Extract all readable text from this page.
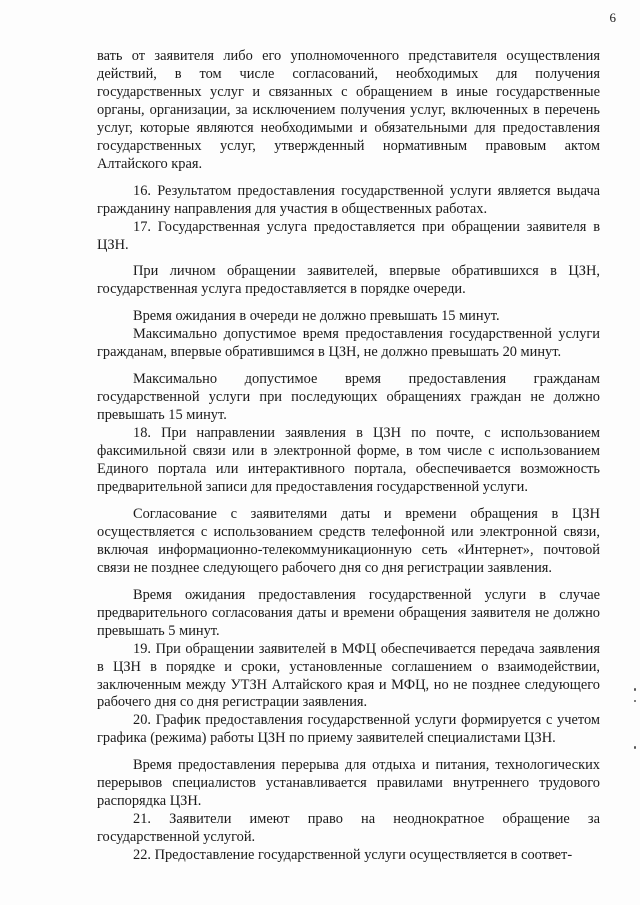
6

вать от заявителя либо его уполномоченного представителя осуществления действий, в том числе согласований, необходимых для получения государственных услуг и связанных с обращением в иные государственные органы, организации, за исключением получения услуг, включенных в перечень услуг, которые являются необходимыми и обязательными для предоставления государственных услуг, утвержденный нормативным правовым актом Алтайского края.

16. Результатом предоставления государственной услуги является выдача гражданину направления для участия в общественных работах.

17. Государственная услуга предоставляется при обращении заявителя в ЦЗН.

При личном обращении заявителей, впервые обратившихся в ЦЗН, государственная услуга предоставляется в порядке очереди.

Время ожидания в очереди не должно превышать 15 минут.

Максимально допустимое время предоставления государственной услуги гражданам, впервые обратившимся в ЦЗН, не должно превышать 20 минут.

Максимально допустимое время предоставления гражданам государственной услуги при последующих обращениях граждан не должно превышать 15 минут.

18. При направлении заявления в ЦЗН по почте, с использованием факсимильной связи или в электронной форме, в том числе с использованием Единого портала или интерактивного портала, обеспечивается возможность предварительной записи для предоставления государственной услуги.

Согласование с заявителями даты и времени обращения в ЦЗН осуществляется с использованием средств телефонной или электронной связи, включая информационно-телекоммуникационную сеть «Интернет», почтовой связи не позднее следующего рабочего дня со дня регистрации заявления.

Время ожидания предоставления государственной услуги в случае предварительного согласования даты и времени обращения заявителя не должно превышать 5 минут.

19. При обращении заявителей в МФЦ обеспечивается передача заявления в ЦЗН в порядке и сроки, установленные соглашением о взаимодействии, заключенным между УТЗН Алтайского края и МФЦ, но не позднее следующего рабочего дня со дня регистрации заявления.

20. График предоставления государственной услуги формируется с учетом графика (режима) работы ЦЗН по приему заявителей специалистами ЦЗН.

Время предоставления перерыва для отдыха и питания, технологических перерывов специалистов устанавливается правилами внутреннего трудового распорядка ЦЗН.

21. Заявители имеют право на неоднократное обращение за государственной услугой.

22. Предоставление государственной услуги осуществляется в соответ-
